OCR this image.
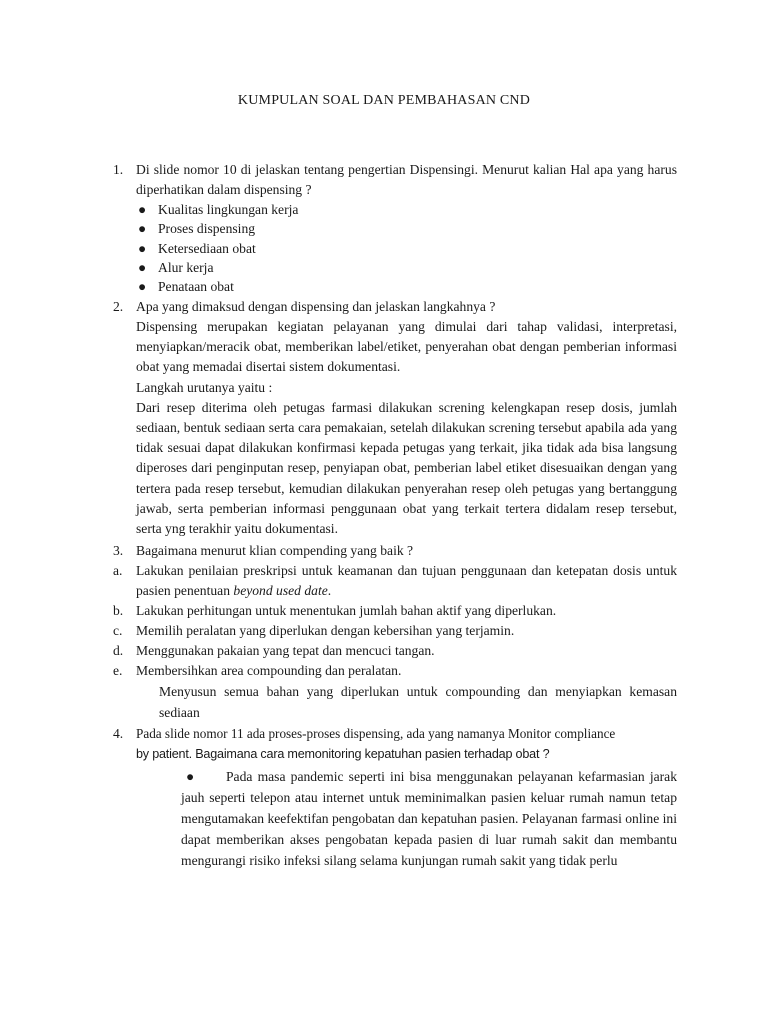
KUMPULAN SOAL DAN PEMBAHASAN CND
1. Di slide nomor 10 di jelaskan tentang pengertian Dispensingi. Menurut kalian Hal apa yang harus diperhatikan dalam dispensing ?
● Kualitas lingkungan kerja
● Proses dispensing
● Ketersediaan obat
● Alur kerja
● Penataan obat
2. Apa yang dimaksud dengan dispensing dan jelaskan langkahnya ?
Dispensing merupakan kegiatan pelayanan yang dimulai dari tahap validasi, interpretasi, menyiapkan/meracik obat, memberikan label/etiket, penyerahan obat dengan pemberian informasi obat yang memadai disertai sistem dokumentasi.
Langkah urutanya yaitu :
Dari resep diterima oleh petugas farmasi dilakukan screning kelengkapan resep dosis, jumlah sediaan, bentuk sediaan serta cara pemakaian, setelah dilakukan screning tersebut apabila ada yang tidak sesuai dapat dilakukan konfirmasi kepada petugas yang terkait, jika tidak ada bisa langsung diperoses dari penginputan resep, penyiapan obat, pemberian label etiket disesuaikan dengan yang tertera pada resep tersebut, kemudian dilakukan penyerahan resep oleh petugas yang bertanggung jawab, serta pemberian informasi penggunaan obat yang terkait tertera didalam resep tersebut, serta yng terakhir yaitu dokumentasi.
3. Bagaimana menurut klian compending yang baik ?
a. Lakukan penilaian preskripsi untuk keamanan dan tujuan penggunaan dan ketepatan dosis untuk pasien penentuan beyond used date.
b. Lakukan perhitungan untuk menentukan jumlah bahan aktif yang diperlukan.
c. Memilih peralatan yang diperlukan dengan kebersihan yang terjamin.
d. Menggunakan pakaian yang tepat dan mencuci tangan.
e. Membersihkan area compounding dan peralatan.
Menyusun semua bahan yang diperlukan untuk compounding dan menyiapkan kemasan sediaan
4. Pada slide nomor 11 ada proses-proses dispensing, ada yang namanya Monitor compliance
by patient. Bagaimana cara memonitoring kepatuhan pasien terhadap obat ?
● Pada masa pandemic seperti ini bisa menggunakan pelayanan kefarmasian jarak jauh seperti telepon atau internet untuk meminimalkan pasien keluar rumah namun tetap mengutamakan keefektifan pengobatan dan kepatuhan pasien. Pelayanan farmasi online ini dapat memberikan akses pengobatan kepada pasien di luar rumah sakit dan membantu mengurangi risiko infeksi silang selama kunjungan rumah sakit yang tidak perlu
